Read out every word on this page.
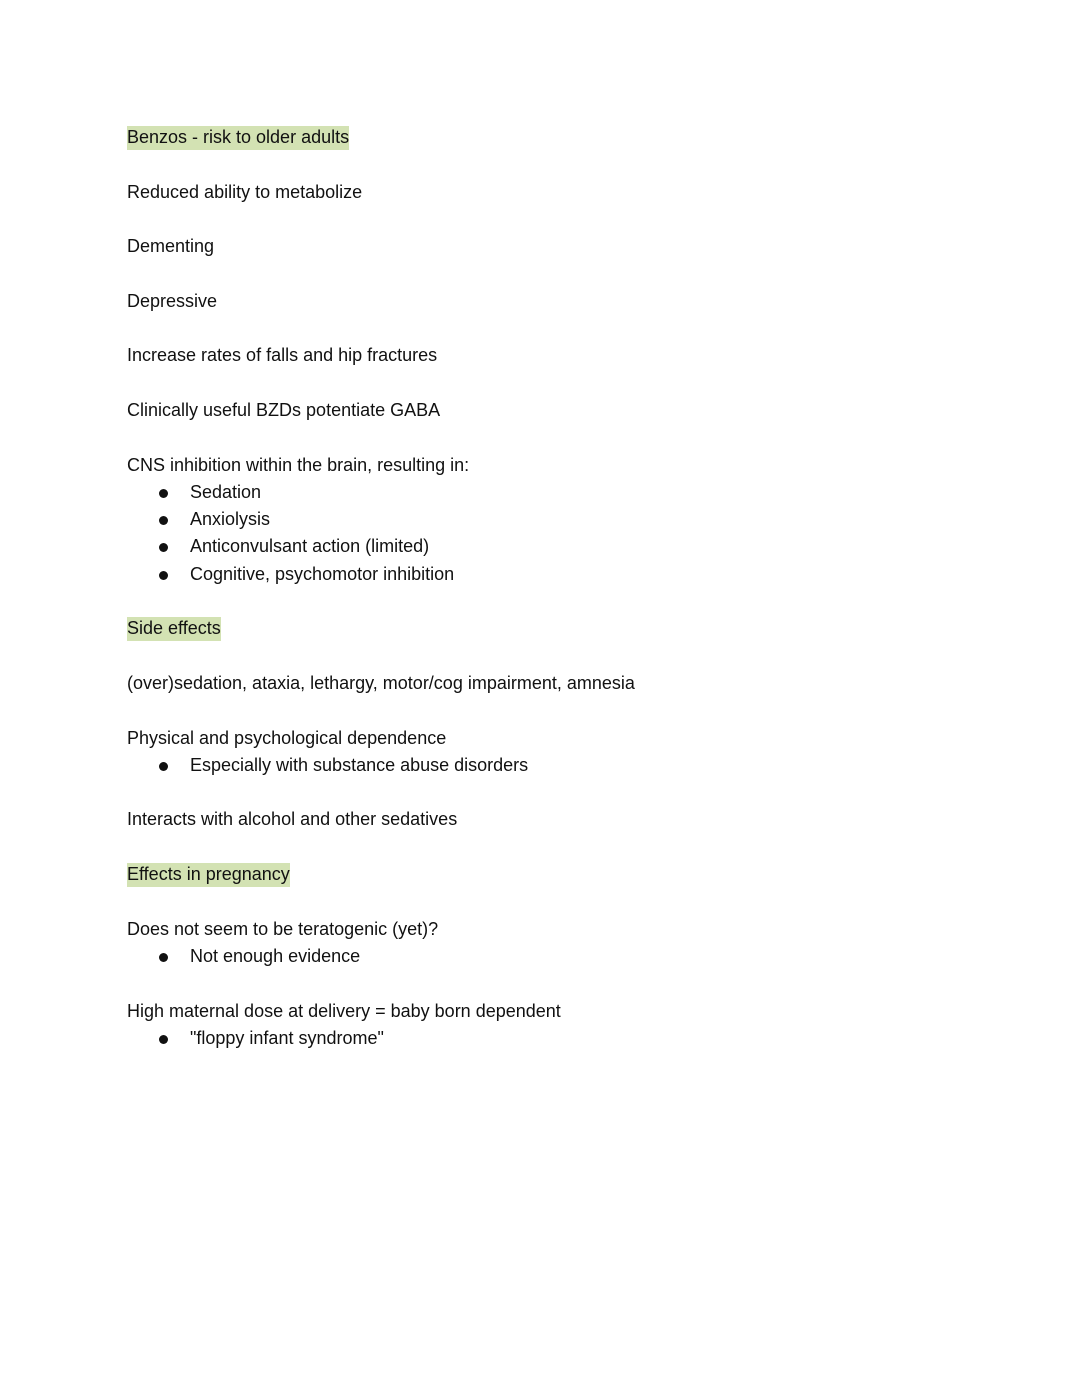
Benzos - risk to older adults

Reduced ability to metabolize

Dementing

Depressive

Increase rates of falls and hip fractures

Clinically useful BZDs potentiate GABA

CNS inhibition within the brain, resulting in:

Sedation
Anxiolysis
Anticonvulsant action (limited)
Cognitive, psychomotor inhibition

Side effects

(over)sedation, ataxia, lethargy, motor/cog impairment, amnesia

Physical and psychological dependence

Especially with substance abuse disorders

Interacts with alcohol and other sedatives

Effects in pregnancy

Does not seem to be teratogenic (yet)?

Not enough evidence

High maternal dose at delivery = baby born dependent

"floppy infant syndrome"
